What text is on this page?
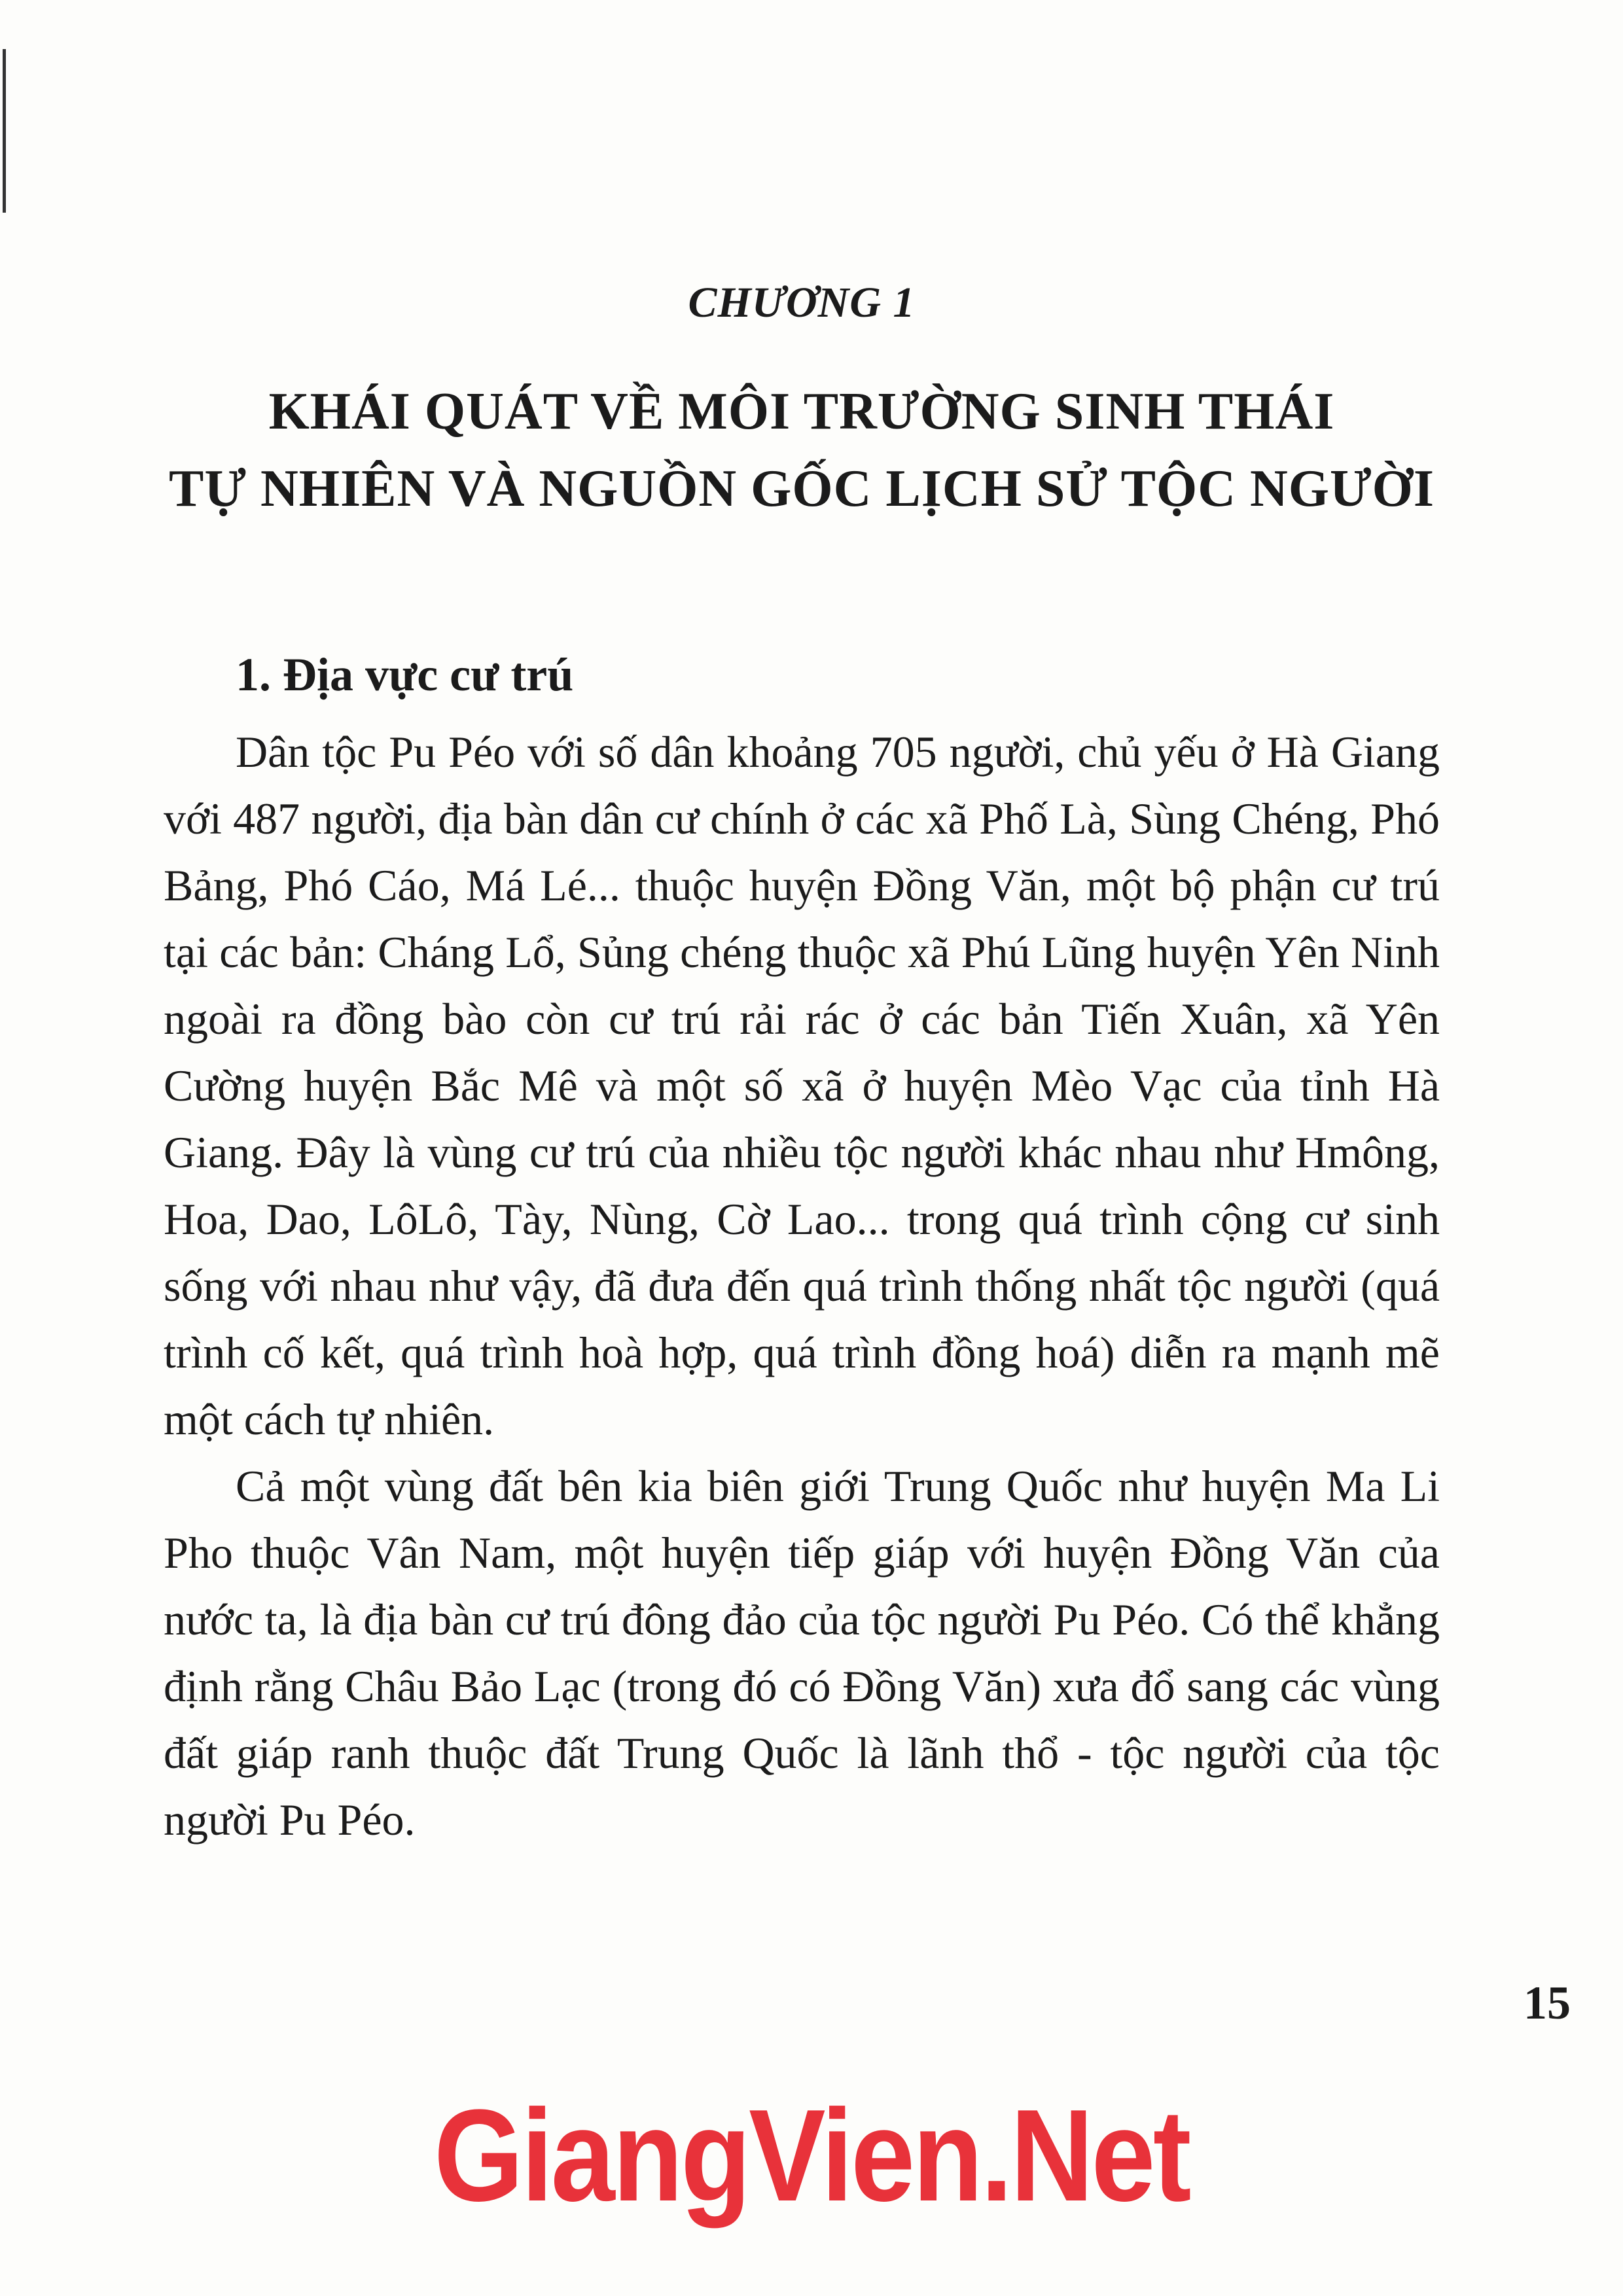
CHƯƠNG 1
KHÁI QUÁT VỀ MÔI TRƯỜNG SINH THÁI
TỰ NHIÊN VÀ NGUỒN GỐC LỊCH SỬ TỘC NGƯỜI
1. Địa vực cư trú

Dân tộc Pu Péo với số dân khoảng 705 người, chủ yếu ở Hà Giang với 487 người, địa bàn dân cư chính ở các xã Phố Là, Sùng Chéng, Phó Bảng, Phó Cáo, Má Lé... thuộc huyện Đồng Văn, một bộ phận cư trú tại các bản: Cháng Lổ, Sủng chéng thuộc xã Phú Lũng huyện Yên Ninh ngoài ra đồng bào còn cư trú rải rác ở các bản Tiến Xuân, xã Yên Cường huyện Bắc Mê và một số xã ở huyện Mèo Vạc của tỉnh Hà Giang. Đây là vùng cư trú của nhiều tộc người khác nhau như Hmông, Hoa, Dao, LôLô, Tày, Nùng, Cờ Lao... trong quá trình cộng cư sinh sống với nhau như vậy, đã đưa đến quá trình thống nhất tộc người (quá trình cố kết, quá trình hoà hợp, quá trình đồng hoá) diễn ra mạnh mẽ một cách tự nhiên.

Cả một vùng đất bên kia biên giới Trung Quốc như huyện Ma Li Pho thuộc Vân Nam, một huyện tiếp giáp với huyện Đồng Văn của nước ta, là địa bàn cư trú đông đảo của tộc người Pu Péo. Có thể khẳng định rằng Châu Bảo Lạc (trong đó có Đồng Văn) xưa đổ sang các vùng đất giáp ranh thuộc đất Trung Quốc là lãnh thổ - tộc người của tộc người Pu Péo.

15
GiangVien.Net
